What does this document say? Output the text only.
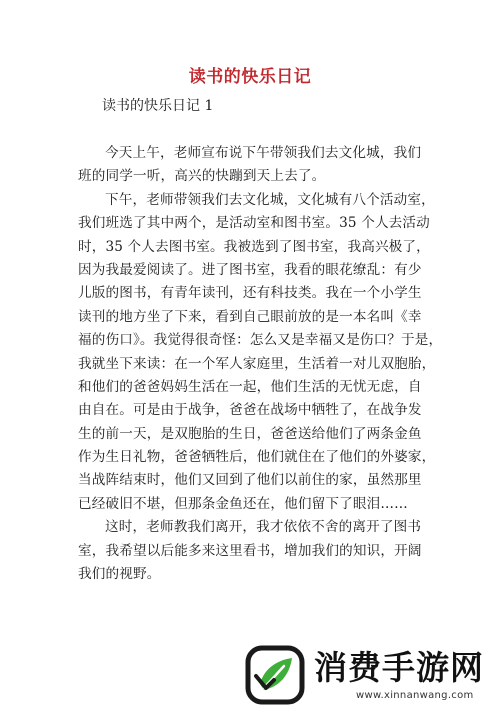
读书的快乐日记
读书的快乐日记 1
今天上午，老师宣布说下午带领我们去文化城，我们
班的同学一听，高兴的快蹦到天上去了。
下午，老师带领我们去文化城，文化城有八个活动室，
我们班选了其中两个，是活动室和图书室。35 个人去活动
时，35 个人去图书室。我被选到了图书室，我高兴极了，
因为我最爱阅读了。进了图书室，我看的眼花缭乱：有少
儿版的图书，有青年读刊，还有科技类。我在一个小学生
读刊的地方坐了下来，看到自己眼前放的是一本名叫《幸
福的伤口》。我觉得很奇怪：怎么又是幸福又是伤口？于是，
我就坐下来读：在一个军人家庭里，生活着一对儿双胞胎，
和他们的爸爸妈妈生活在一起，他们生活的无忧无虑，自
由自在。可是由于战争，爸爸在战场中牺牲了，在战争发
生的前一天，是双胞胎的生日，爸爸送给他们了两条金鱼
作为生日礼物，爸爸牺牲后，他们就住在了他们的外婆家，
当战阵结束时，他们又回到了他们以前住的家，虽然那里
已经破旧不堪，但那条金鱼还在，他们留下了眼泪……
这时，老师教我们离开，我才依依不舍的离开了图书
室，我希望以后能多来这里看书，增加我们的知识，开阔
我们的视野。
消费手游网
www.xinnanwang.com
